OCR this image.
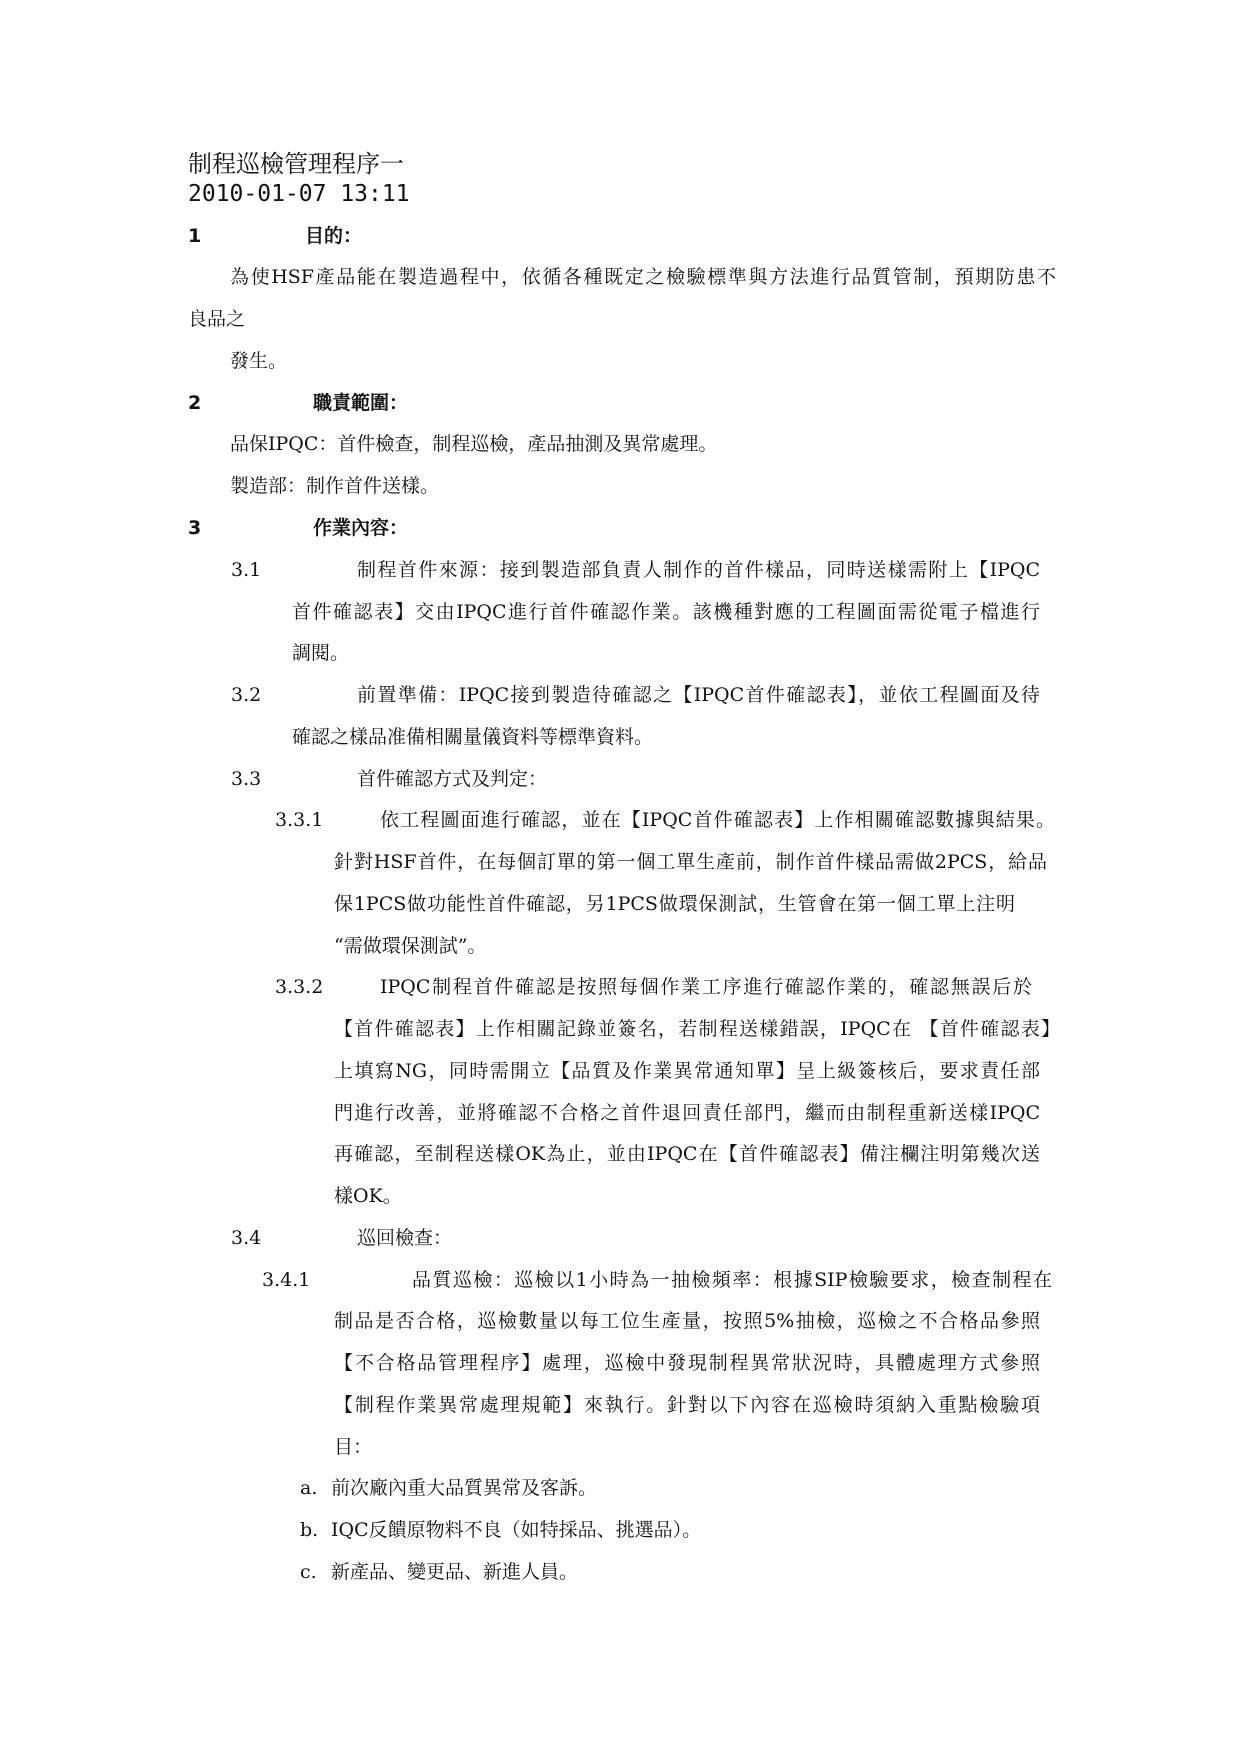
制程巡檢管理程序一
2010-01-07 13:11
1	目的：
為使HSF產品能在製造過程中，依循各種既定之檢驗標準與方法進行品質管制，預期防患不
良品之
發生。
2	職責範圍：
品保IPQC：首件檢查，制程巡檢，產品抽測及異常處理。
製造部：制作首件送樣。
3	作業內容：
3.1	制程首件來源：接到製造部負責人制作的首件樣品，同時送樣需附上【IPQC
首件確認表】交由IPQC進行首件確認作業。該機種對應的工程圖面需從電子檔進行
調閱。
3.2	前置準備：IPQC接到製造待確認之【IPQC首件確認表】，並依工程圖面及待
確認之樣品准備相關量儀資料等標準資料。
3.3	首件確認方式及判定：
3.3.1	依工程圖面進行確認，並在【IPQC首件確認表】上作相關確認數據與結果。
針對HSF首件，在每個訂單的第一個工單生產前，制作首件樣品需做2PCS，給品
保1PCS做功能性首件確認，另1PCS做環保測試，生管會在第一個工單上注明
“需做環保測試”。
3.3.2	IPQC制程首件確認是按照每個作業工序進行確認作業的，確認無誤后於
【首件確認表】上作相關記錄並簽名，若制程送樣錯誤，IPQC在 【首件確認表】
上填寫NG，同時需開立【品質及作業異常通知單】呈上級簽核后，要求責任部
門進行改善，並將確認不合格之首件退回責任部門，繼而由制程重新送樣IPQC
再確認，至制程送樣OK為止，並由IPQC在【首件確認表】備注欄注明第幾次送
樣OK。
3.4	巡回檢查：
3.4.1	品質巡檢：巡檢以1小時為一抽檢頻率：根據SIP檢驗要求，檢查制程在
制品是否合格，巡檢數量以每工位生產量，按照5%抽檢，巡檢之不合格品參照
【不合格品管理程序】處理，巡檢中發現制程異常狀況時，具體處理方式參照
【制程作業異常處理規範】來執行。針對以下內容在巡檢時須納入重點檢驗項
目：
a. 前次廠內重大品質異常及客訴。
b. IQC反饋原物料不良（如特採品、挑選品）。
c. 新產品、變更品、新進人員。
